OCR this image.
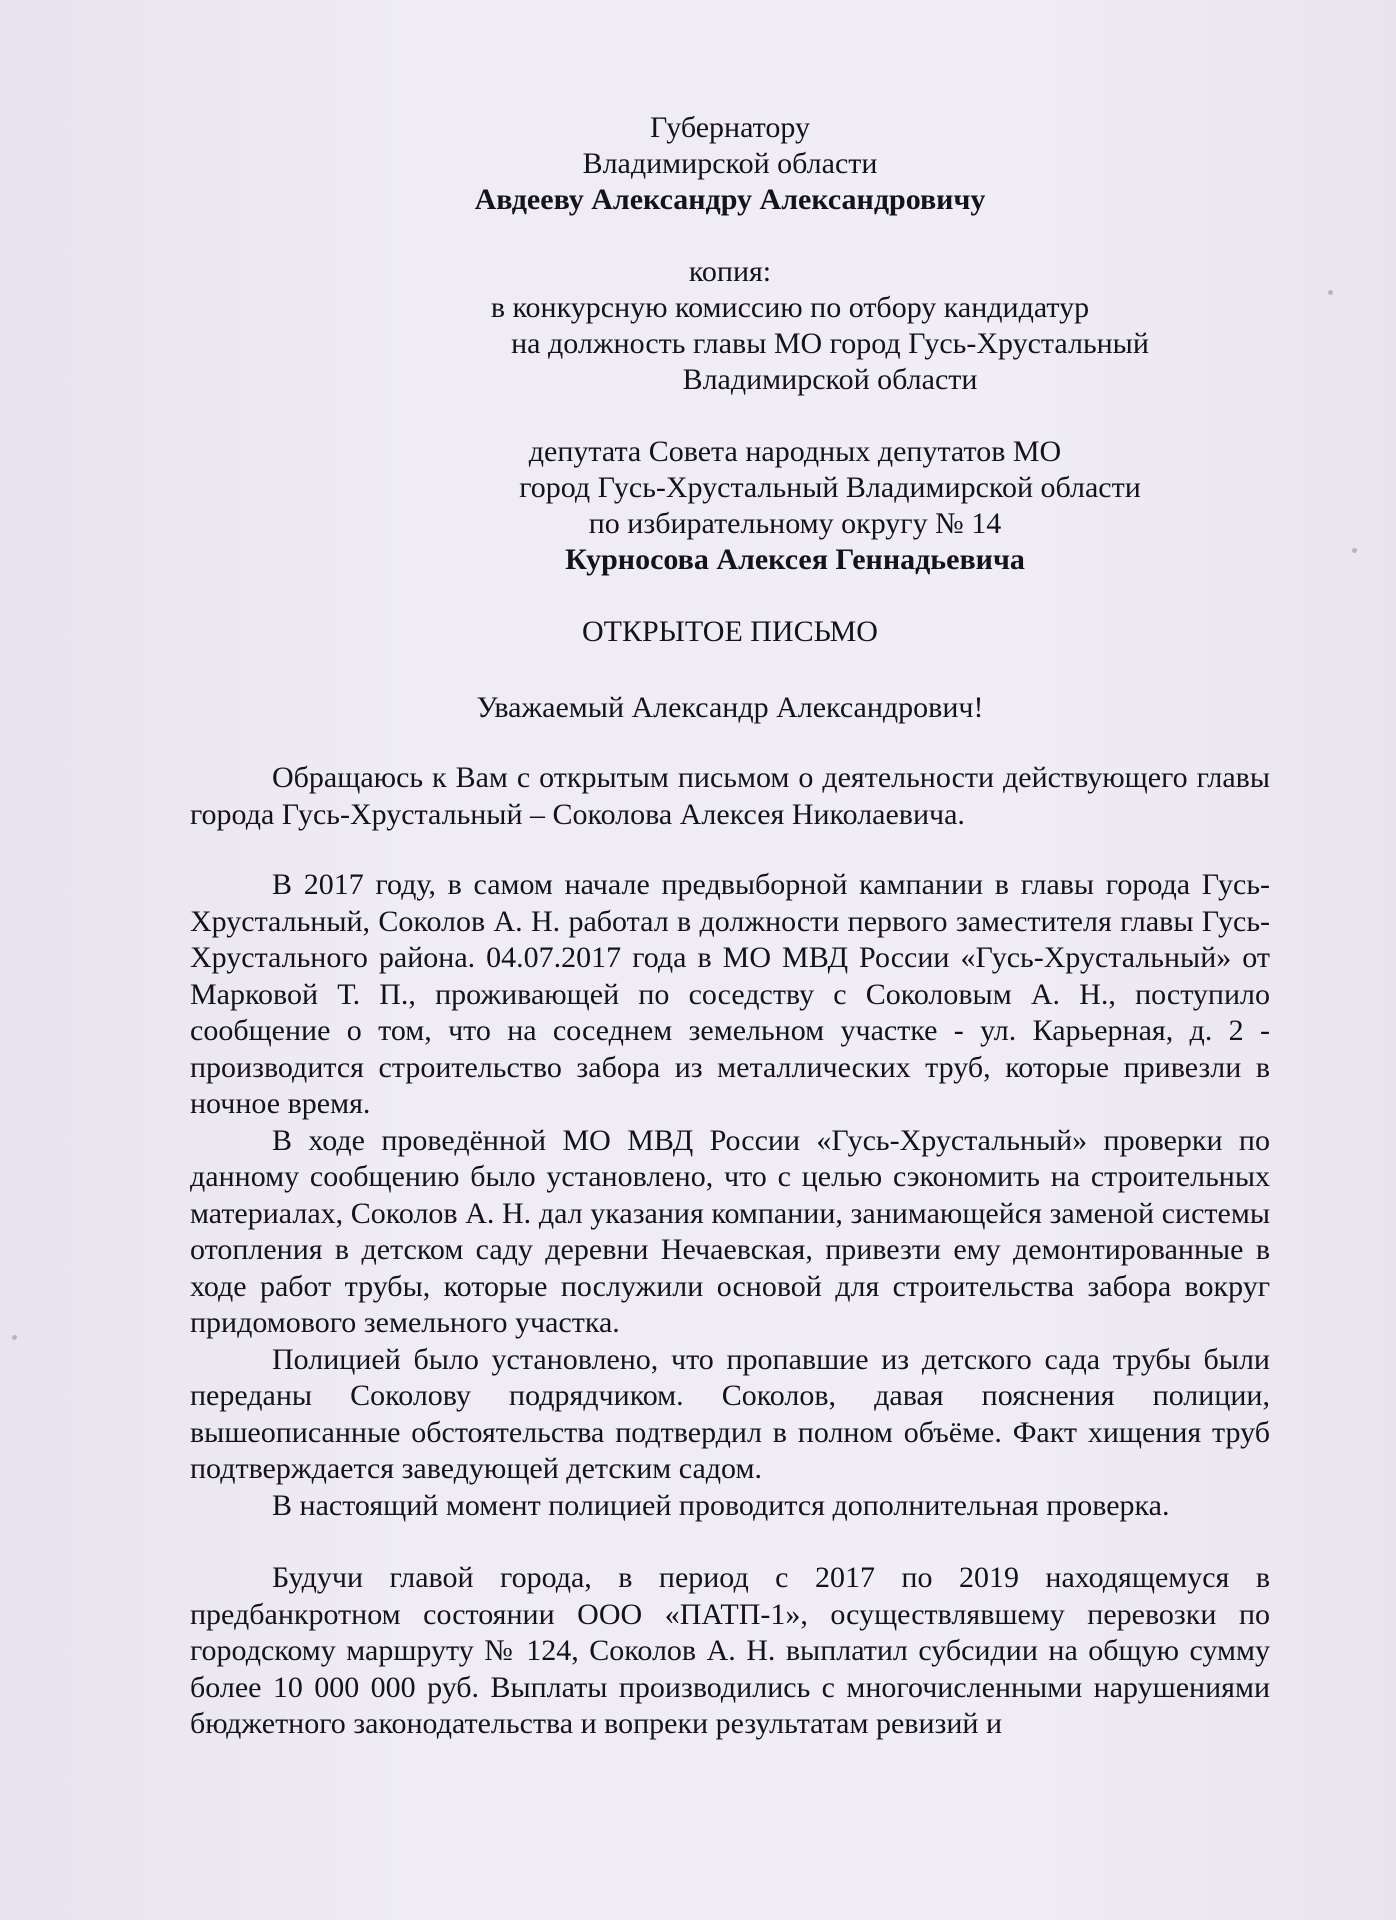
Губернатору
Владимирской области
Авдееву Александру Александровичу
копия:
в конкурсную комиссию по отбору кандидатур
на должность главы МО город Гусь-Хрустальный
Владимирской области
депутата Совета народных депутатов МО
город Гусь-Хрустальный Владимирской области
по избирательному округу № 14
Курносова Алексея Геннадьевича
ОТКРЫТОЕ ПИСЬМО
Уважаемый Александр Александрович!

Обращаюсь к Вам с открытым письмом о деятельности действующего главы города Гусь-Хрустальный – Соколова Алексея Николаевича.

В 2017 году, в самом начале предвыборной кампании в главы города Гусь-Хрустальный, Соколов А. Н. работал в должности первого заместителя главы Гусь-Хрустального района. 04.07.2017 года в МО МВД России «Гусь-Хрустальный» от Марковой Т. П., проживающей по соседству с Соколовым А. Н., поступило сообщение о том, что на соседнем земельном участке - ул. Карьерная, д. 2 - производится строительство забора из металлических труб, которые привезли в ночное время.

В ходе проведённой МО МВД России «Гусь-Хрустальный» проверки по данному сообщению было установлено, что с целью сэкономить на строительных материалах, Соколов А. Н. дал указания компании, занимающейся заменой системы отопления в детском саду деревни Нечаевская, привезти ему демонтированные в ходе работ трубы, которые послужили основой для строительства забора вокруг придомового земельного участка.

Полицией было установлено, что пропавшие из детского сада трубы были переданы Соколову подрядчиком. Соколов, давая пояснения полиции, вышеописанные обстоятельства подтвердил в полном объёме. Факт хищения труб подтверждается заведующей детским садом.

В настоящий момент полицией проводится дополнительная проверка.

Будучи главой города, в период с 2017 по 2019 находящемуся в предбанкротном состоянии ООО «ПАТП-1», осуществлявшему перевозки по городскому маршруту № 124, Соколов А. Н. выплатил субсидии на общую сумму более 10 000 000 руб. Выплаты производились с многочисленными нарушениями бюджетного законодательства и вопреки результатам ревизий и
